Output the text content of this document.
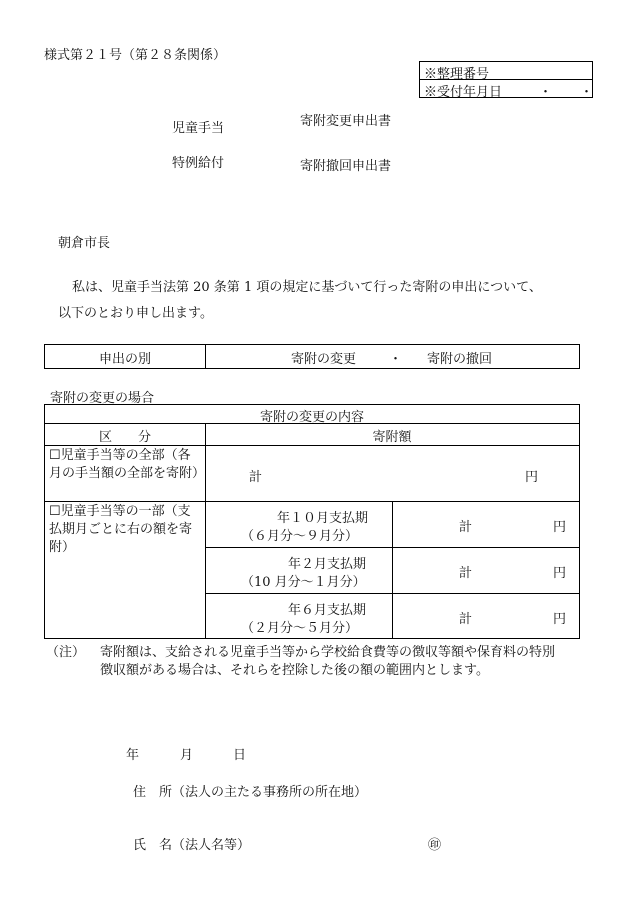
様式第２１号（第２８条関係）
※整理番号
※受付年月日	・ ・
児童手当
特例給付
寄附変更申出書
寄附撤回申出書
朝倉市長
私は、児童手当法第 20 条第 1 項の規定に基づいて行った寄附の申出について、
以下のとおり申し出ます。
申出の別	寄附の変更	・ 寄附の撤回
寄附の変更の場合
寄附の変更の内容
区　　分	寄附額
☐児童手当等の全部（各月の手当額の全部を寄附）	計	円
☐児童手当等の一部（支払期月ごとに右の額を寄附）
年１０月支払期
（６月分～９月分）
計	円
年２月支払期
（10 月分～１月分）
計	円
年６月支払期
（２月分～５月分）
計	円
（注） 寄附額は、支給される児童手当等から学校給食費等の徴収等額や保育料の特別
徴収額がある場合は、それらを控除した後の額の範囲内とします。
年	月	日
住　所（法人の主たる事務所の所在地）
氏　名（法人名等）	㊞
